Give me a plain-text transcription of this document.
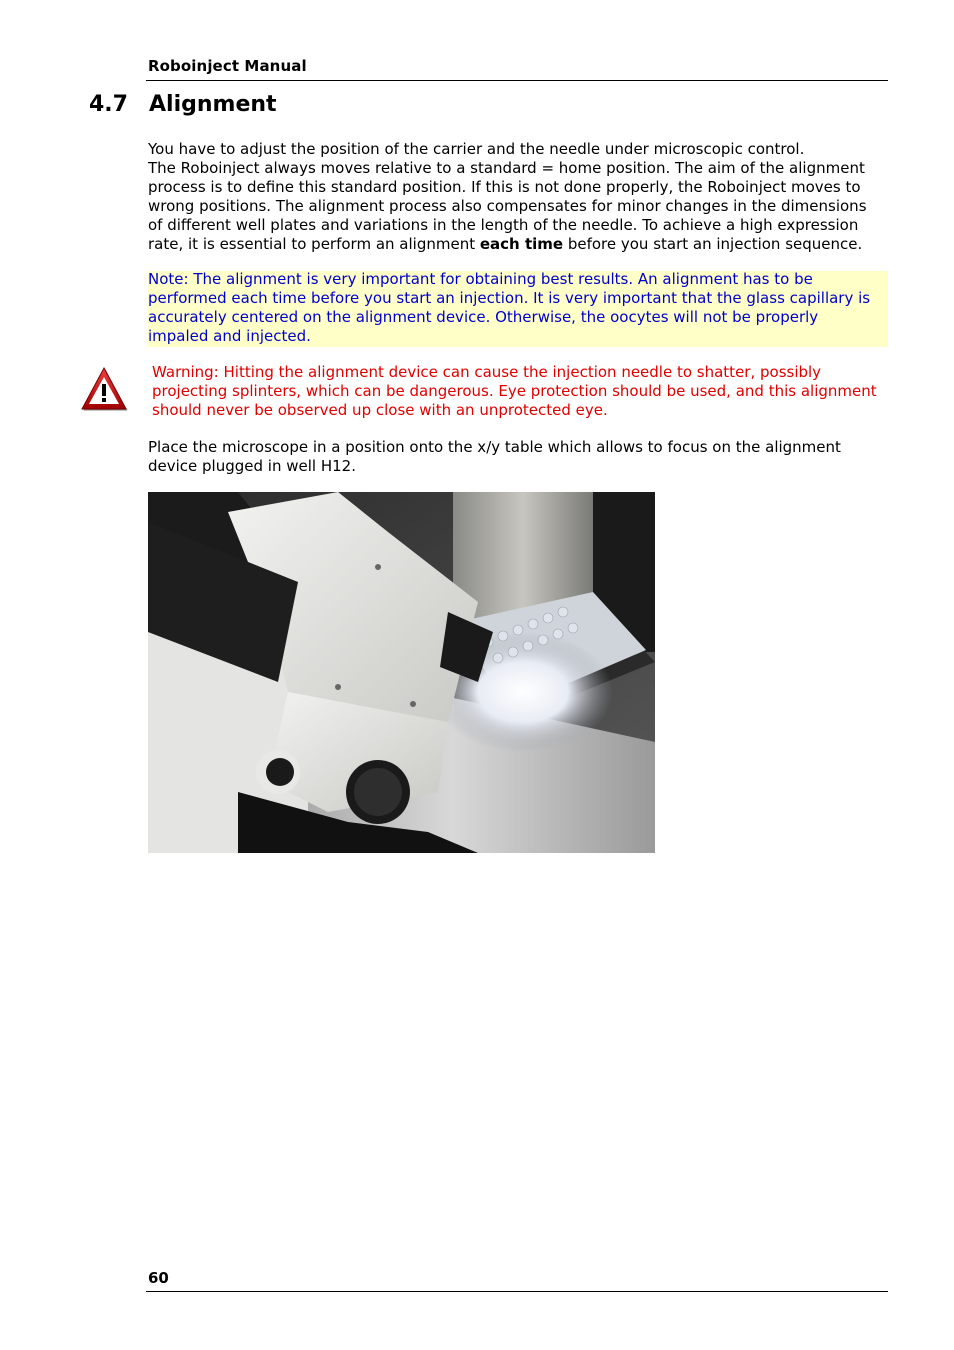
Roboinject Manual
4.7 Alignment

You have to adjust the position of the carrier and the needle under microscopic control.
The Roboinject always moves relative to a standard = home position. The aim of the alignment process is to define this standard position. If this is not done properly, the Roboinject moves to wrong positions. The alignment process also compensates for minor changes in the dimensions of different well plates and variations in the length of the needle. To achieve a high expression rate, it is essential to perform an alignment each time before you start an injection sequence.

Note: The alignment is very important for obtaining best results. An alignment has to be performed each time before you start an injection. It is very important that the glass capillary is accurately centered on the alignment device. Otherwise, the oocytes will not be properly impaled and injected.

Warning: Hitting the alignment device can cause the injection needle to shatter, possibly projecting splinters, which can be dangerous. Eye protection should be used, and this alignment should never be observed up close with an unprotected eye.

Place the microscope in a position onto the x/y table which allows to focus on the alignment device plugged in well H12.

60
